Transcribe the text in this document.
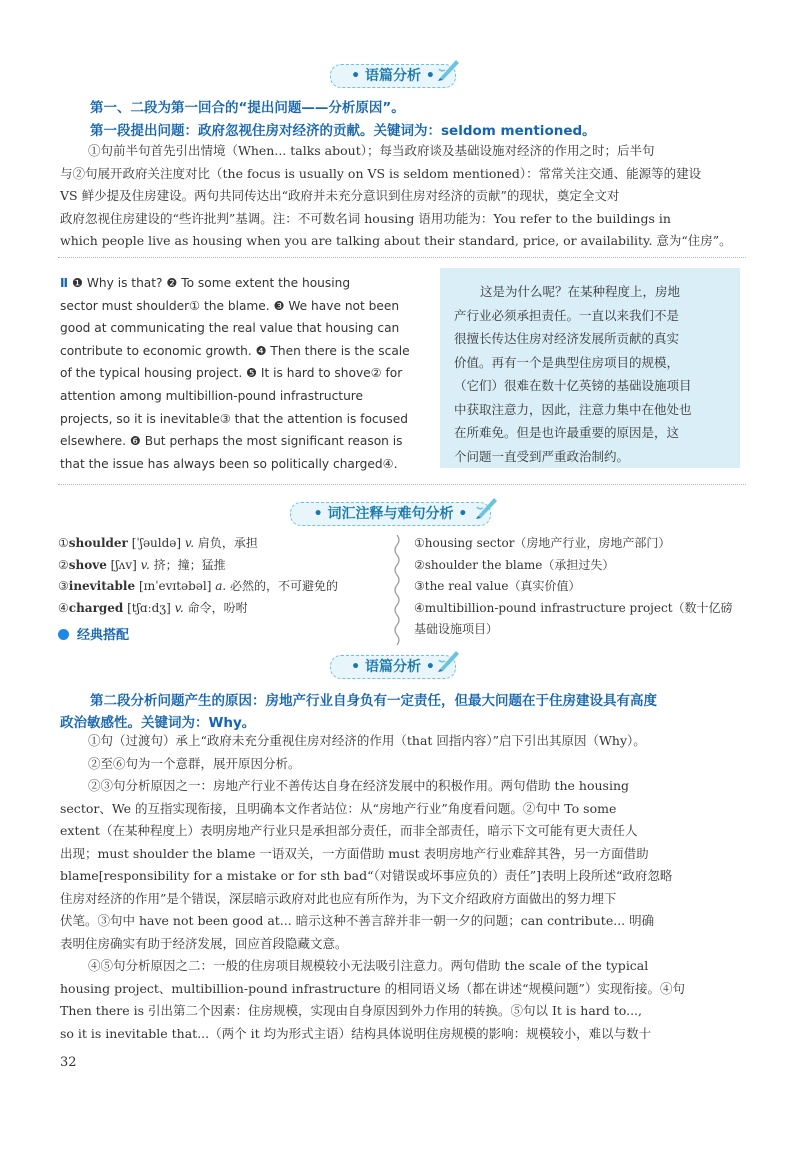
• 语篇分析 •
第一、二段为第一回合的“提出问题——分析原因”。
第一段提出问题：政府忽视住房对经济的贡献。关键词为：seldom mentioned。
①句前半句首先引出情境（When... talks about）；每当政府谈及基础设施对经济的作用之时；后半句
与②句展开政府关注度对比（the focus is usually on VS is seldom mentioned）：常常关注交通、能源等的建设
VS 鲜少提及住房建设。两句共同传达出“政府并未充分意识到住房对经济的贡献”的现状，奠定全文对
政府忽视住房建设的“些许批判”基调。注：不可数名词 housing 语用功能为：You refer to the buildings in
which people live as housing when you are talking about their standard, price, or availability. 意为“住房”。
Ⅱ ❶ Why is that? ❷ To some extent the housing
sector must shoulder① the blame. ❸ We have not been
good at communicating the real value that housing can
contribute to economic growth. ❹ Then there is the scale
of the typical housing project. ❺ It is hard to shove② for
attention among multibillion-pound infrastructure
projects, so it is inevitable③ that the attention is focused
elsewhere. ❻ But perhaps the most significant reason is
that the issue has always been so politically charged④.
这是为什么呢？在某种程度上，房地
产行业必须承担责任。一直以来我们不是
很擅长传达住房对经济发展所贡献的真实
价值。再有一个是典型住房项目的规模，
（它们）很难在数十亿英镑的基础设施项目
中获取注意力，因此，注意力集中在他处也
在所难免。但是也许最重要的原因是，这
个问题一直受到严重政治制约。
• 词汇注释与难句分析 •
①shoulder [ˈʃəuldə] v. 肩负，承担
②shove [ʃʌv] v. 挤；撞；猛推
③inevitable [ɪnˈevɪtəbəl] a. 必然的，不可避免的
④charged [tʃɑːdʒ] v. 命令，吩咐
经典搭配
①housing sector（房地产行业，房地产部门）
②shoulder the blame（承担过失）
③the real value（真实价值）
④multibillion-pound infrastructure project（数十亿磅
基础设施项目）
• 语篇分析 •
第二段分析问题产生的原因：房地产行业自身负有一定责任，但最大问题在于住房建设具有高度
政治敏感性。关键词为：Why。
①句（过渡句）承上“政府未充分重视住房对经济的作用（that 回指内容）”启下引出其原因（Why）。
②至⑥句为一个意群，展开原因分析。
②③句分析原因之一：房地产行业不善传达自身在经济发展中的积极作用。两句借助 the housing
sector、We 的互指实现衔接，且明确本文作者站位：从“房地产行业”角度看问题。②句中 To some
extent（在某种程度上）表明房地产行业只是承担部分责任，而非全部责任，暗示下文可能有更大责任人
出现；must shoulder the blame 一语双关，一方面借助 must 表明房地产行业难辞其咎，另一方面借助
blame[responsibility for a mistake or for sth bad“（对错误或坏事应负的）责任”]表明上段所述“政府忽略
住房对经济的作用”是个错误，深层暗示政府对此也应有所作为，为下文介绍政府方面做出的努力埋下
伏笔。③句中 have not been good at... 暗示这种不善言辞并非一朝一夕的问题；can contribute... 明确
表明住房确实有助于经济发展，回应首段隐藏文意。
④⑤句分析原因之二：一般的住房项目规模较小无法吸引注意力。两句借助 the scale of the typical
housing project、multibillion-pound infrastructure 的相同语义场（都在讲述“规模问题”）实现衔接。④句
Then there is 引出第二个因素：住房规模，实现由自身原因到外力作用的转换。⑤句以 It is hard to...,
so it is inevitable that...（两个 it 均为形式主语）结构具体说明住房规模的影响：规模较小，难以与数十
32
